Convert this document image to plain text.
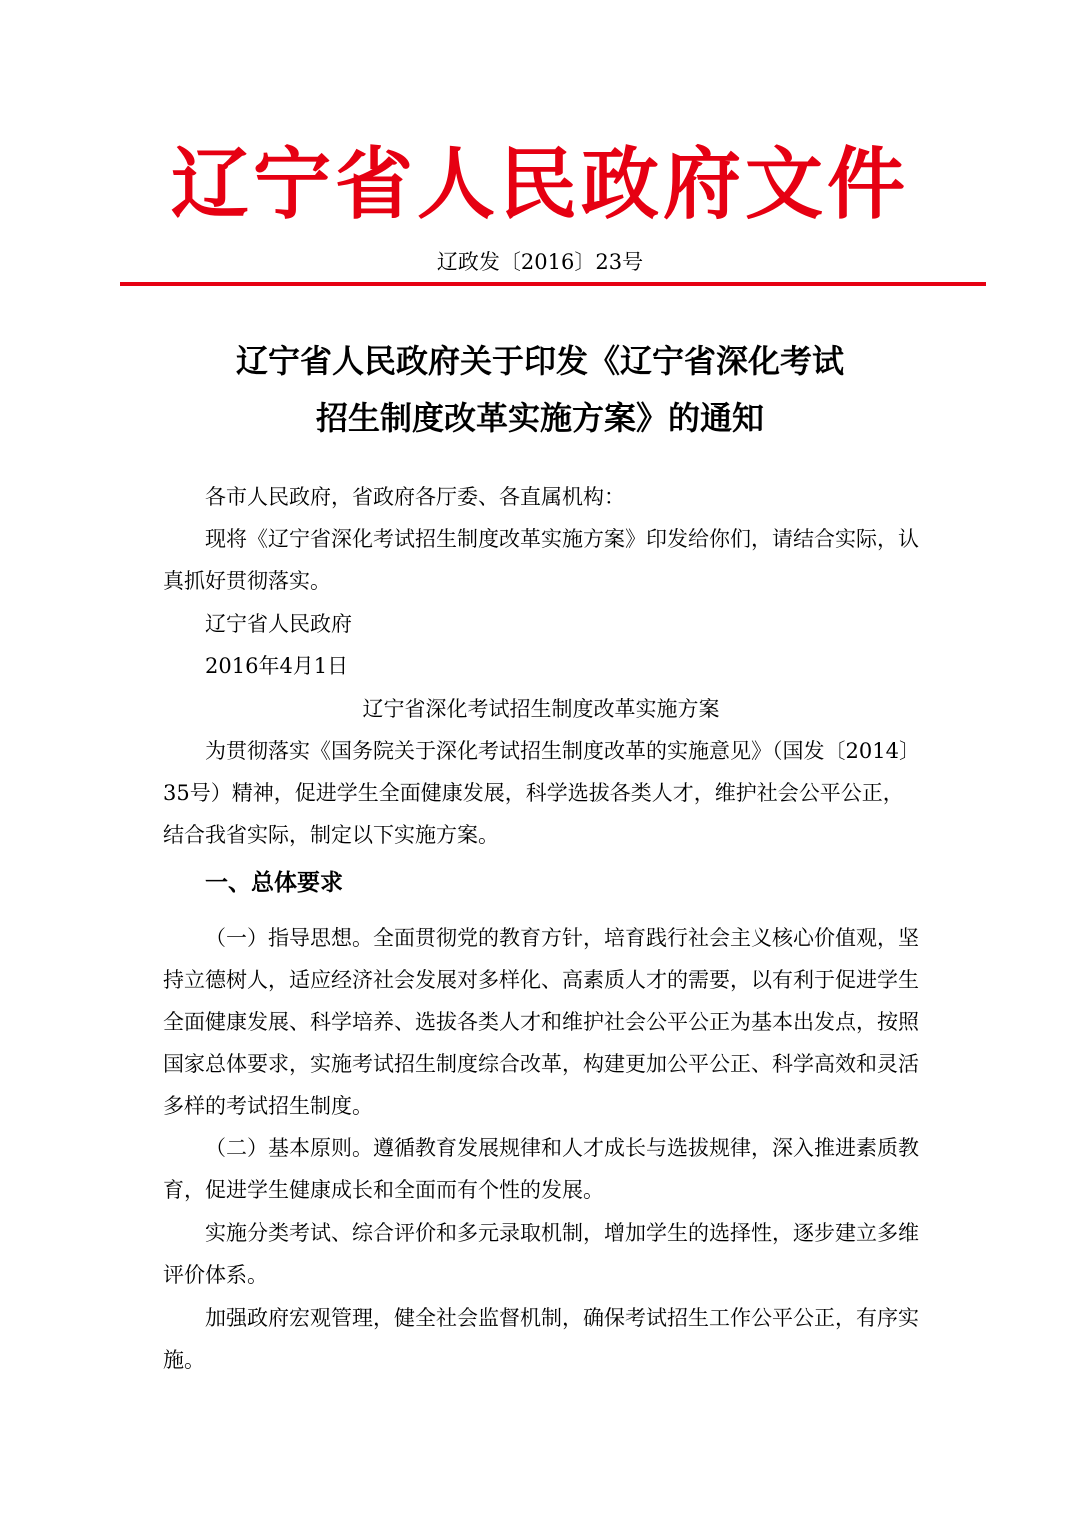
辽宁省人民政府文件
辽政发〔2016〕23号
辽宁省人民政府关于印发《辽宁省深化考试
招生制度改革实施方案》的通知

各市人民政府，省政府各厅委、各直属机构：

现将《辽宁省深化考试招生制度改革实施方案》印发给你们，请结合实际，认真抓好贯彻落实。

辽宁省人民政府

2016年4月1日

辽宁省深化考试招生制度改革实施方案

为贯彻落实《国务院关于深化考试招生制度改革的实施意见》（国发〔2014〕35号）精神，促进学生全面健康发展，科学选拔各类人才，维护社会公平公正，结合我省实际，制定以下实施方案。

一、总体要求

（一）指导思想。全面贯彻党的教育方针，培育践行社会主义核心价值观，坚持立德树人，适应经济社会发展对多样化、高素质人才的需要，以有利于促进学生全面健康发展、科学培养、选拔各类人才和维护社会公平公正为基本出发点，按照国家总体要求，实施考试招生制度综合改革，构建更加公平公正、科学高效和灵活多样的考试招生制度。

（二）基本原则。遵循教育发展规律和人才成长与选拔规律，深入推进素质教育，促进学生健康成长和全面而有个性的发展。

实施分类考试、综合评价和多元录取机制，增加学生的选择性，逐步建立多维评价体系。

加强政府宏观管理，健全社会监督机制，确保考试招生工作公平公正，有序实施。
